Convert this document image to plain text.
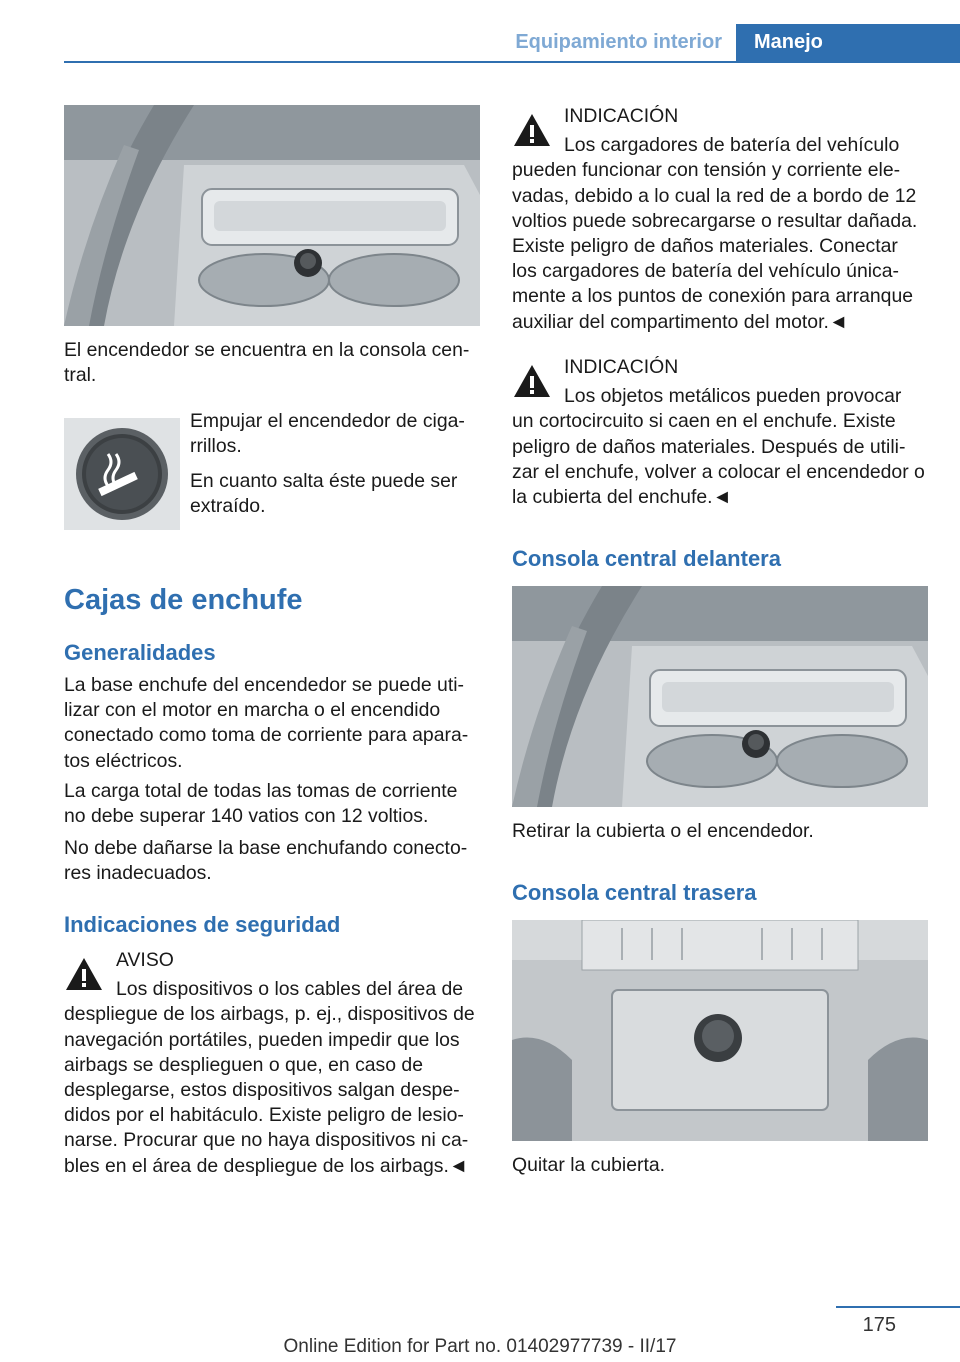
Equipamiento interior Manejo

El encendedor se encuentra en la consola cen‐tral.

Empujar el encendedor de ciga‐rrillos.

En cuanto salta éste puede ser extraído.

Cajas de enchufe
Generalidades

La base enchufe del encendedor se puede uti‐lizar con el motor en marcha o el encendido conectado como toma de corriente para apara‐tos eléctricos.

La carga total de todas las tomas de corriente no debe superar 140 vatios con 12 voltios.

No debe dañarse la base enchufando conecto‐res inadecuados.

Indicaciones de seguridad

AVISO

Los dispositivos o los cables del área de

despliegue de los airbags, p. ej., dispositivos de navegación portátiles, pueden impedir que los airbags se desplieguen o que, en caso de desplegarse, estos dispositivos salgan despe‐didos por el habitáculo. Existe peligro de lesio‐narse. Procurar que no haya dispositivos ni ca‐bles en el área de despliegue de los airbags.◄

INDICACIÓN

Los cargadores de batería del vehículo

pueden funcionar con tensión y corriente ele‐vadas, debido a lo cual la red de a bordo de 12 voltios puede sobrecargarse o resultar dañada. Existe peligro de daños materiales. Conectar los cargadores de batería del vehículo única‐mente a los puntos de conexión para arranque auxiliar del compartimento del motor.◄

INDICACIÓN

Los objetos metálicos pueden provocar

un cortocircuito si caen en el enchufe. Existe peligro de daños materiales. Después de utili‐zar el enchufe, volver a colocar el encendedor o la cubierta del enchufe.◄

Consola central delantera

Retirar la cubierta o el encendedor.

Consola central trasera

Quitar la cubierta.

175
Online Edition for Part no. 01402977739 - II/17
